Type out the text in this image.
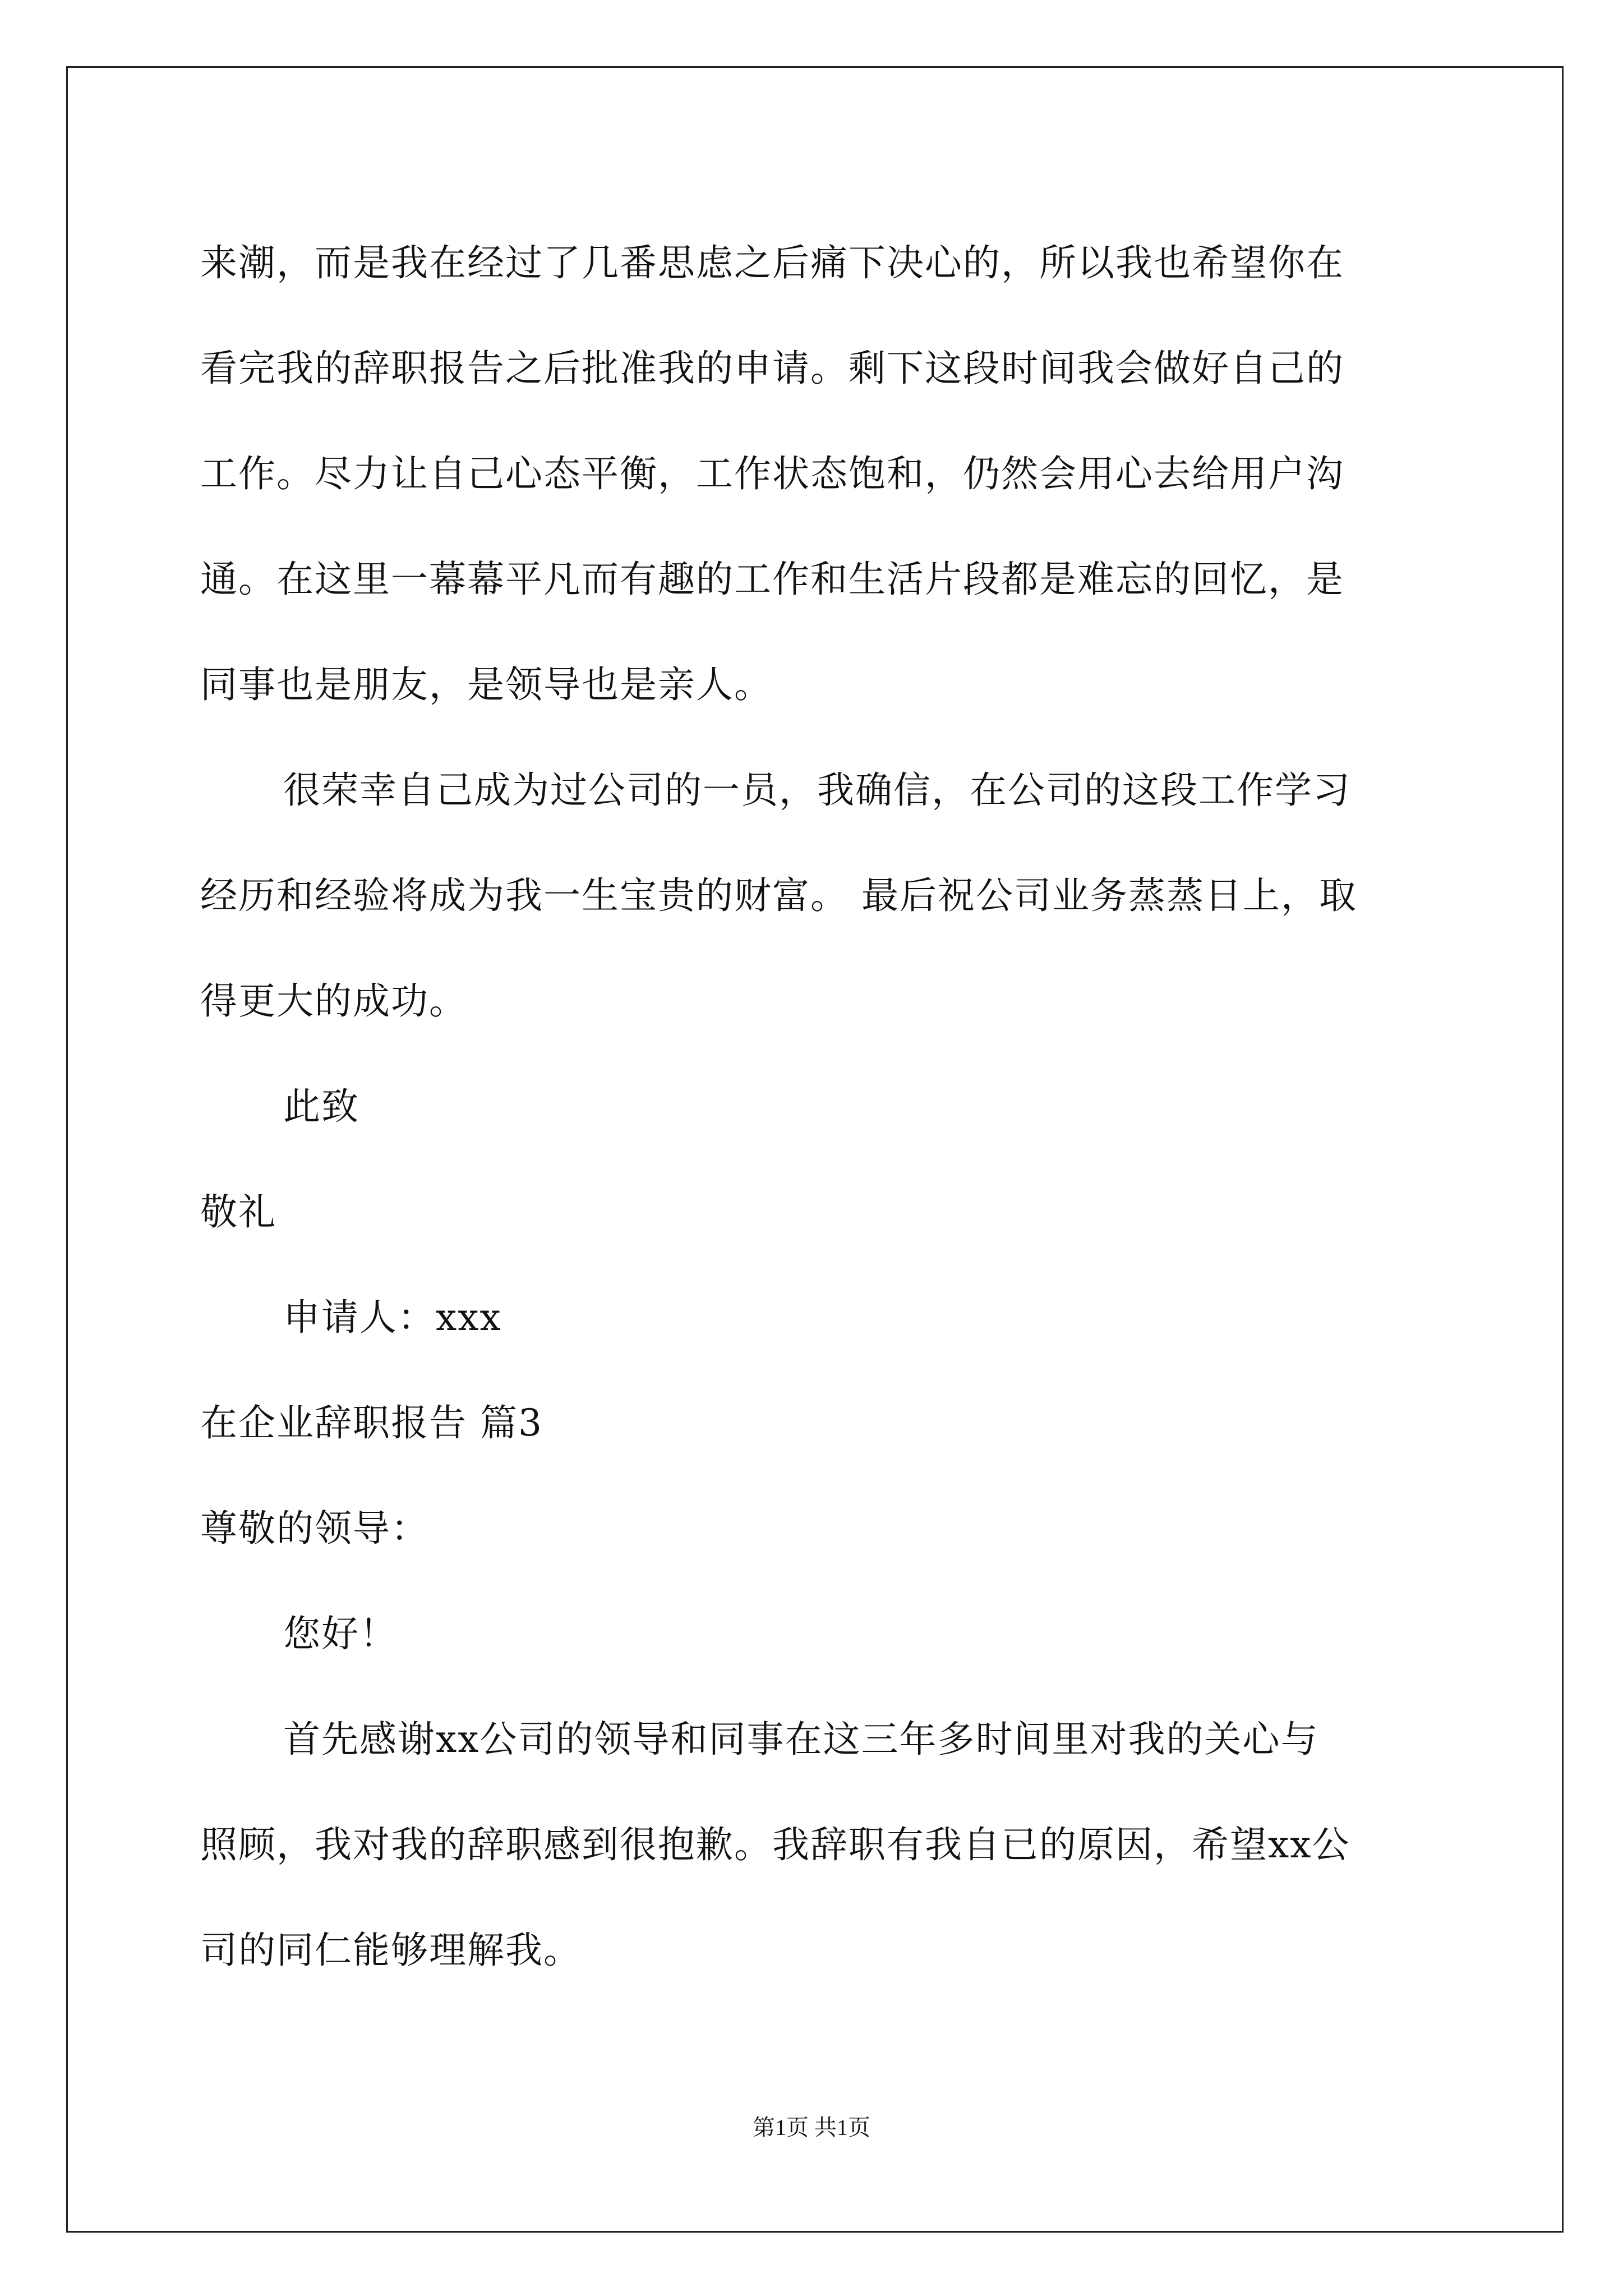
来潮，而是我在经过了几番思虑之后痛下决心的，所以我也希望你在
看完我的辞职报告之后批准我的申请。剩下这段时间我会做好自己的
工作。尽力让自己心态平衡，工作状态饱和，仍然会用心去给用户沟
通。在这里一幕幕平凡而有趣的工作和生活片段都是难忘的回忆，是
同事也是朋友，是领导也是亲人。
很荣幸自己成为过公司的一员，我确信，在公司的这段工作学习
经历和经验将成为我一生宝贵的财富。 最后祝公司业务蒸蒸日上，取
得更大的成功。
此致
敬礼
申请人：xxx
在企业辞职报告 篇3
尊敬的领导：
您好！
首先感谢xx公司的领导和同事在这三年多时间里对我的关心与
照顾，我对我的辞职感到很抱歉。我辞职有我自已的原因，希望xx公
司的同仁能够理解我。
第1页 共1页
